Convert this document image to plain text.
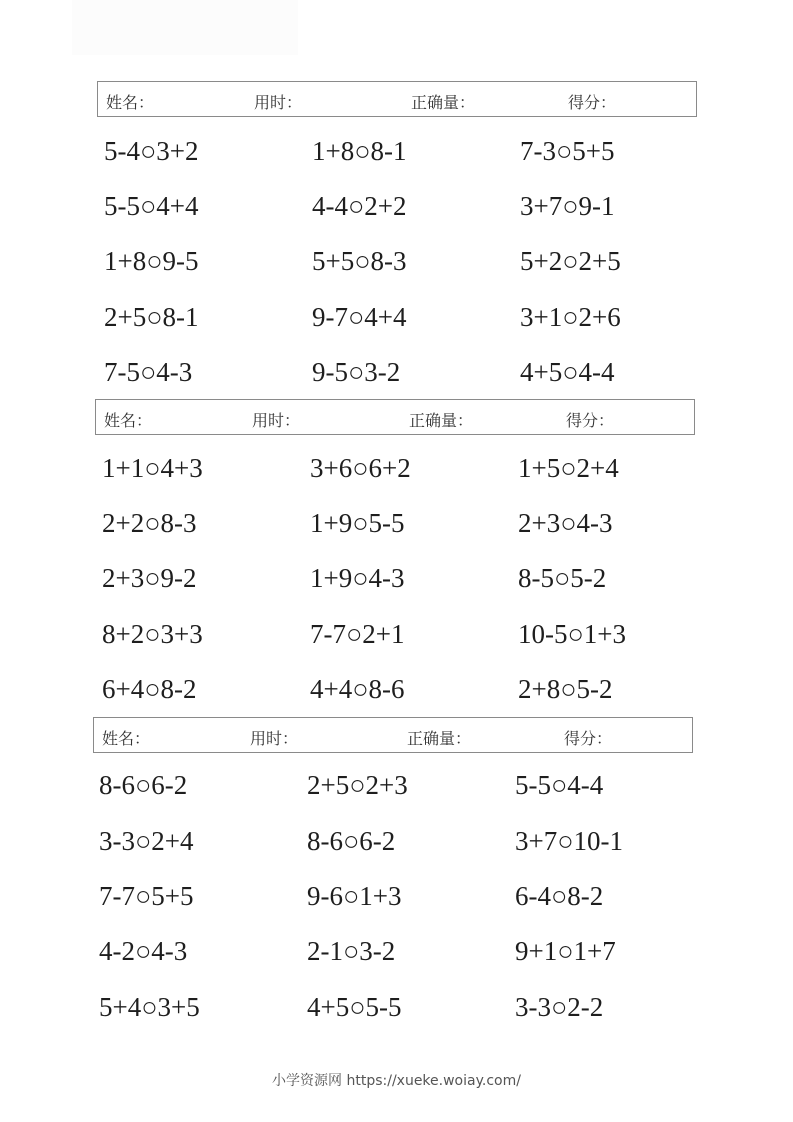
姓名：	用时：	正确量：	得分：
5-4○3+2	1+8○8-1	7-3○5+5
5-5○4+4	4-4○2+2	3+7○9-1
1+8○9-5	5+5○8-3	5+2○2+5
2+5○8-1	9-7○4+4	3+1○2+6
7-5○4-3	9-5○3-2	4+5○4-4
姓名：	用时：	正确量：	得分：
1+1○4+3	3+6○6+2	1+5○2+4
2+2○8-3	1+9○5-5	2+3○4-3
2+3○9-2	1+9○4-3	8-5○5-2
8+2○3+3	7-7○2+1	10-5○1+3
6+4○8-2	4+4○8-6	2+8○5-2
姓名：	用时：	正确量：	得分：
8-6○6-2	2+5○2+3	5-5○4-4
3-3○2+4	8-6○6-2	3+7○10-1
7-7○5+5	9-6○1+3	6-4○8-2
4-2○4-3	2-1○3-2	9+1○1+7
5+4○3+5	4+5○5-5	3-3○2-2
小学资源网 https://xueke.woiay.com/
